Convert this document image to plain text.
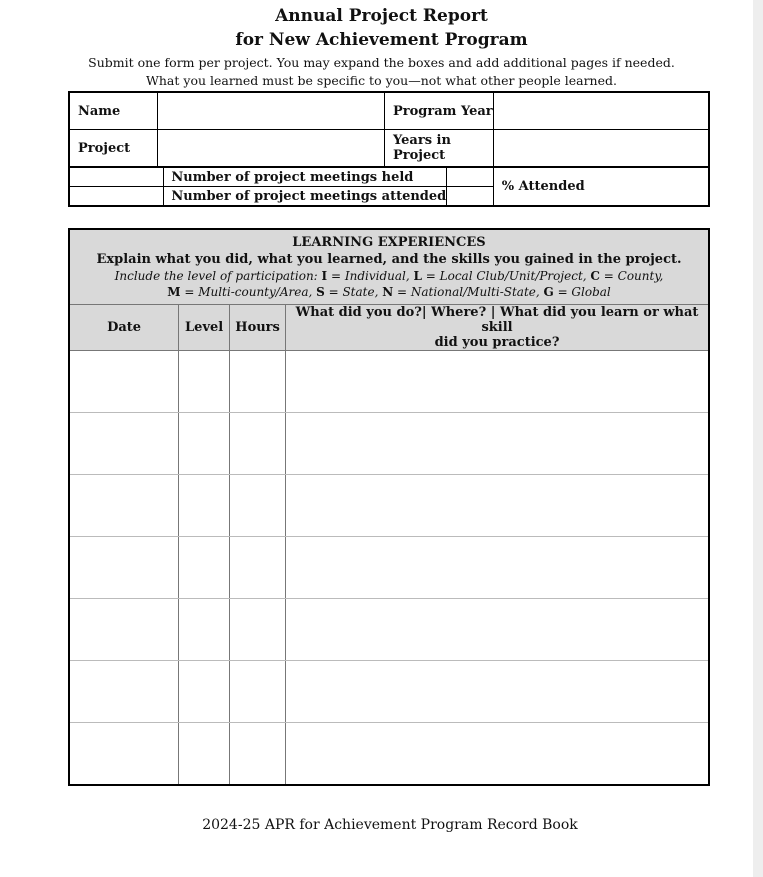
Annual Project Report
for New Achievement Program
Submit one form per project. You may expand the boxes and add additional pages if needed.
What you learned must be specific to you—not what other people learned.
Name			Program Year		
Project			Years in
Project		

		Number of project meetings held			% Attended
		Number of project meetings attended			
LEARNING EXPERIENCES
Explain what you did, what you learned, and the skills you gained in the project.
Include the level of participation: I = Individual, L = Local Club/Unit/Project, C = County,
M = Multi-county/Area, S = State, N = National/Multi-State, G = Global			

Date	Level	Hours	What did you do?| Where? | What did you learn or what skill
did you practice?

2024-25 APR for Achievement Program Record Book
